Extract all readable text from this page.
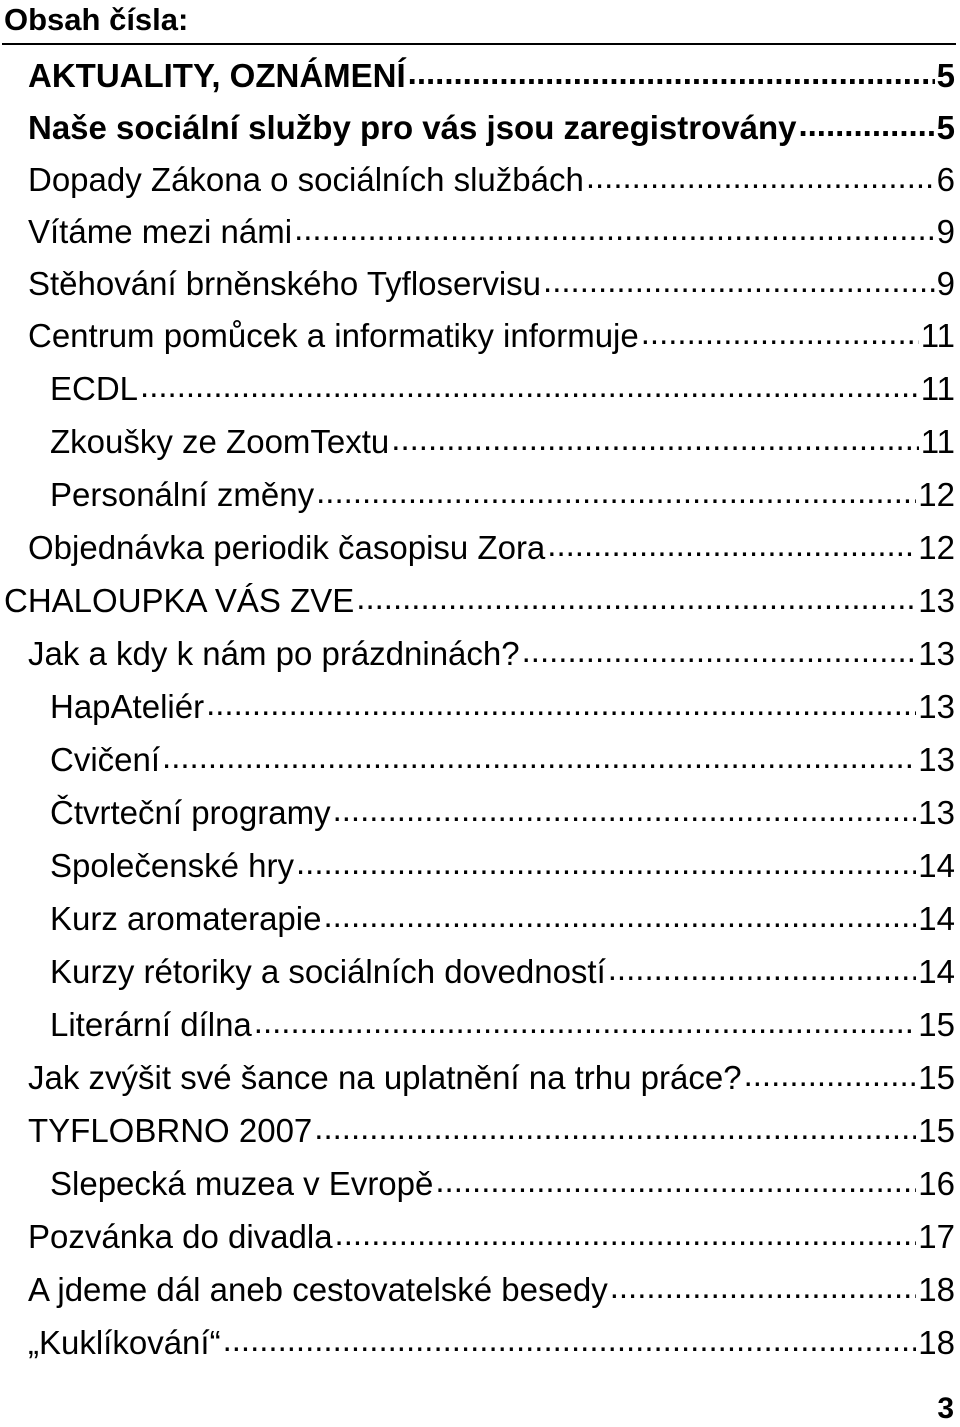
Obsah čísla:
AKTUALITY, OZNÁMENÍ .....	5
Naše sociální služby pro vás jsou zaregistrovány .....	5
Dopady Zákona o sociálních službách .....	6
Vítáme mezi námi .....	9
Stěhování brněnského Tyfloservisu .....	9
Centrum pomůcek a informatiky informuje .....	11
ECDL .....	11
Zkoušky ze ZoomTextu .....	11
Personální změny .....	12
Objednávka periodik časopisu Zora .....	12
CHALOUPKA VÁS ZVE .....	13
Jak a kdy k nám po prázdninách? .....	13
HapAteliér .....	13
Cvičení .....	13
Čtvrteční programy .....	13
Společenské hry .....	14
Kurz aromaterapie .....	14
Kurzy rétoriky a sociálních dovedností .....	14
Literární dílna .....	15
Jak zvýšit své šance na uplatnění na trhu práce? .....	15
TYFLOBRNO 2007 .....	15
Slepecká muzea v Evropě .....	16
Pozvánka do divadla .....	17
A jdeme dál aneb cestovatelské besedy .....	18
„Kuklíkování“ .....	18
3
